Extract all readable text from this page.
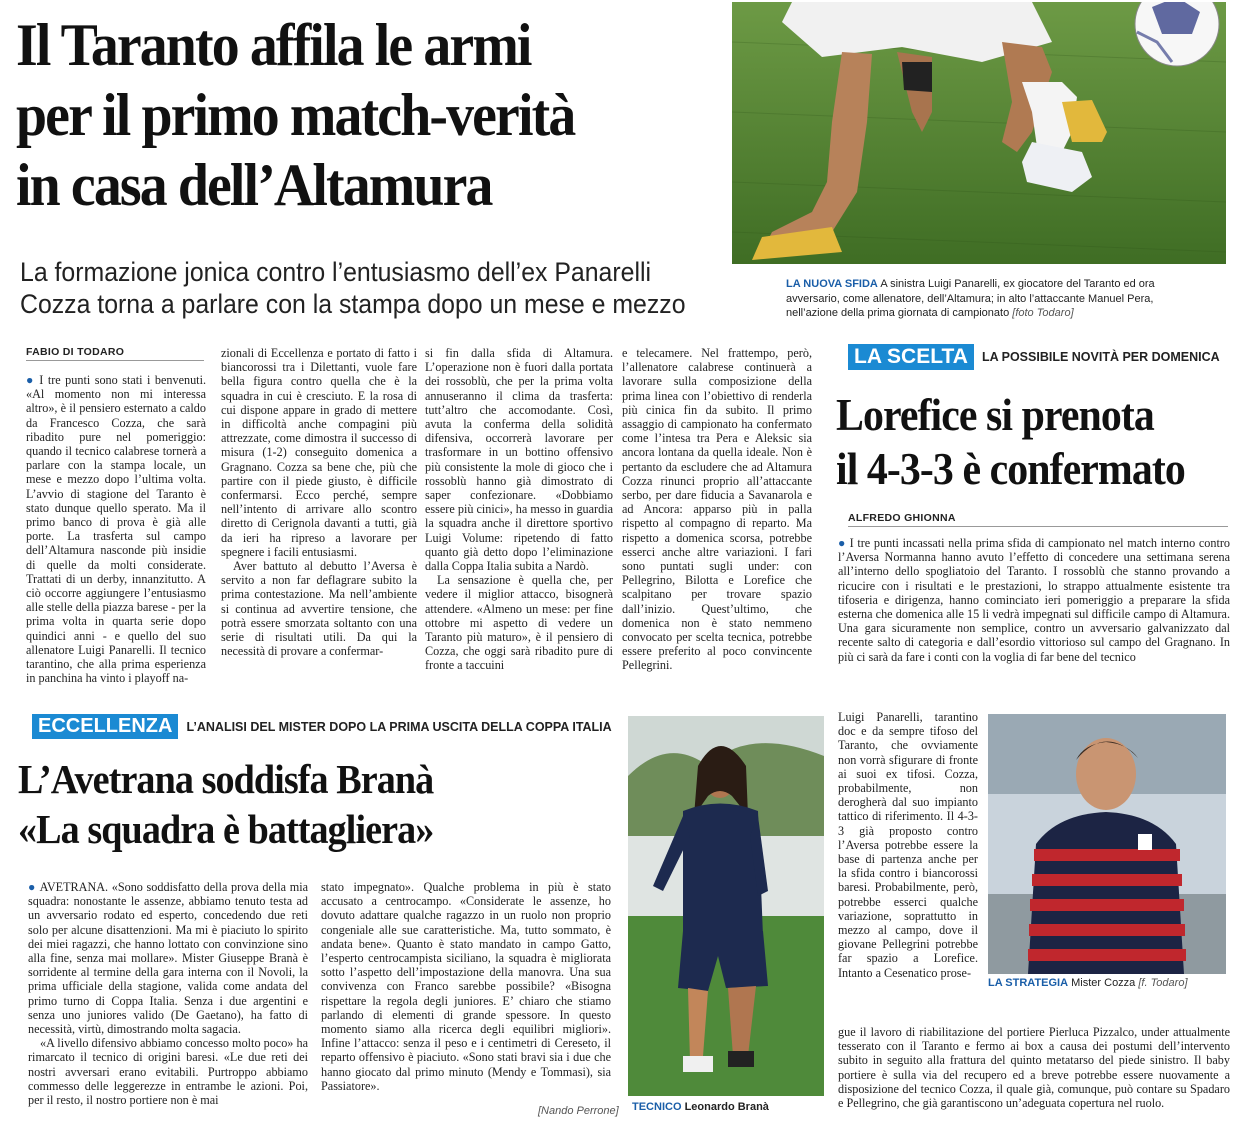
Il Taranto affila le armi
per il primo match-verità
in casa dell’Altamura
La formazione jonica contro l’entusiasmo dell’ex Panarelli
Cozza torna a parlare con la stampa dopo un mese e mezzo
LA NUOVA SFIDA A sinistra Luigi Panarelli, ex giocatore del Taranto ed ora avversario, come allenatore, dell’Altamura; in alto l’attaccante Manuel Pera, nell’azione della prima giornata di campionato [foto Todaro]
FABIO DI TODARO

● I tre punti sono stati i benvenuti. «Al momento non mi interessa altro», è il pensiero esternato a caldo da Francesco Cozza, che sarà ribadito pure nel pomeriggio: quando il tecnico calabrese tornerà a parlare con la stampa locale, un mese e mezzo dopo l’ultima volta. L’avvio di stagione del Taranto è stato dunque quello sperato. Ma il primo banco di prova è già alle porte. La trasferta sul campo dell’Altamura nasconde più insidie di quelle da molti considerate. Trattati di un derby, innanzitutto. A ciò occorre aggiungere l’entusiasmo alle stelle della piazza barese - per la prima volta in quarta serie dopo quindici anni - e quello del suo allenatore Luigi Panarelli. Il tecnico tarantino, che alla prima esperienza in panchina ha vinto i playoff na-

zionali di Eccellenza e portato di fatto i biancorossi tra i Dilettanti, vuole fare bella figura contro quella che è la squadra in cui è cresciuto. E la rosa di cui dispone appare in grado di mettere in difficoltà anche compagini più attrezzate, come dimostra il successo di misura (1-2) conseguito domenica a Gragnano. Cozza sa bene che, più che partire con il piede giusto, è difficile confermarsi. Ecco perché, sempre nell’intento di arrivare allo scontro diretto di Cerignola davanti a tutti, già da ieri ha ripreso a lavorare per spegnere i facili entusiasmi.

Aver battuto al debutto l’Aversa è servito a non far deflagrare subito la prima contestazione. Ma nell’ambiente si continua ad avvertire tensione, che potrà essere smorzata soltanto con una serie di risultati utili. Da qui la necessità di provare a confermar-

si fin dalla sfida di Altamura. L’operazione non è fuori dalla portata dei rossoblù, che per la prima volta annuseranno il clima da trasferta: tutt’altro che accomodante. Così, avuta la conferma della solidità difensiva, occorrerà lavorare per trasformare in un bottino offensivo più consistente la mole di gioco che i rossoblù hanno già dimostrato di saper confezionare. «Dobbiamo essere più cinici», ha messo in guardia la squadra anche il direttore sportivo Luigi Volume: ripetendo di fatto quanto già detto dopo l’eliminazione dalla Coppa Italia subita a Nardò.

La sensazione è quella che, per vedere il miglior attacco, bisognerà attendere. «Almeno un mese: per fine ottobre mi aspetto di vedere un Taranto più maturo», è il pensiero di Cozza, che oggi sarà ribadito pure di fronte a taccuini

e telecamere. Nel frattempo, però, l’allenatore calabrese continuerà a lavorare sulla composizione della prima linea con l’obiettivo di renderla più cinica fin da subito. Il primo assaggio di campionato ha confermato come l’intesa tra Pera e Aleksic sia ancora lontana da quella ideale. Non è pertanto da escludere che ad Altamura Cozza rinunci proprio all’attaccante serbo, per dare fiducia a Savanarola e ad Ancora: apparso più in palla rispetto al compagno di reparto. Ma rispetto a domenica scorsa, potrebbe esserci anche altre variazioni. I fari sono puntati sugli under: con Pellegrino, Bilotta e Lorefice che scalpitano per trovare spazio dall’inizio. Quest’ultimo, che domenica non è stato nemmeno convocato per scelta tecnica, potrebbe essere preferito al poco convincente Pellegrini.

LA SCELTA	LA POSSIBILE NOVITÀ PER DOMENICA
Lorefice si prenota
il 4-3-3 è confermato
ALFREDO GHIONNA

● I tre punti incassati nella prima sfida di campionato nel match interno contro l’Aversa Normanna hanno avuto l’effetto di concedere una settimana serena all’interno dello spogliatoio del Taranto. I rossoblù che stanno provando a ricucire con i risultati e le prestazioni, lo strappo attualmente esistente tra tifoseria e dirigenza, hanno cominciato ieri pomeriggio a preparare la sfida esterna che domenica alle 15 li vedrà impegnati sul difficile campo di Altamura. Una gara sicuramente non semplice, contro un avversario galvanizzato dal recente salto di categoria e dall’esordio vittorioso sul campo del Gragnano. In più ci sarà da fare i conti con la voglia di far bene del tecnico

Luigi Panarelli, tarantino doc e da sempre tifoso del Taranto, che ovviamente non vorrà sfigurare di fronte ai suoi ex tifosi. Cozza, probabilmente, non derogherà dal suo impianto tattico di riferimento. Il 4-3-3 già proposto contro l’Aversa potrebbe essere la base di partenza anche per la sfida contro i biancorossi baresi. Probabilmente, però, potrebbe esserci qualche variazione, soprattutto in mezzo al campo, dove il giovane Pellegrini potrebbe far spazio a Lorefice. Intanto a Cesenatico prose-

LA STRATEGIA Mister Cozza [f. Todaro]

gue il lavoro di riabilitazione del portiere Pierluca Pizzalco, under attualmente tesserato con il Taranto e fermo ai box a causa dei postumi dell’intervento subito in seguito alla frattura del quinto metatarso del piede sinistro. Il baby portiere è sulla via del recupero ed a breve potrebbe essere nuovamente a disposizione del tecnico Cozza, il quale già, comunque, può contare su Spadaro e Pellegrino, che già garantiscono un’adeguata copertura nel ruolo.

ECCELLENZA	L’ANALISI DEL MISTER DOPO LA PRIMA USCITA DELLA COPPA ITALIA
L’Avetrana soddisfa Branà
«La squadra è battagliera»

● AVETRANA. «Sono soddisfatto della prova della mia squadra: nonostante le assenze, abbiamo tenuto testa ad un avversario rodato ed esperto, concedendo due reti solo per alcune disattenzioni. Ma mi è piaciuto lo spirito dei miei ragazzi, che hanno lottato con convinzione sino alla fine, senza mai mollare». Mister Giuseppe Branà è sorridente al termine della gara interna con il Novoli, la prima ufficiale della stagione, valida come andata del primo turno di Coppa Italia. Senza i due argentini e senza uno juniores valido (De Gaetano), ha fatto di necessità, virtù, dimostrando molta sagacia.

«A livello difensivo abbiamo concesso molto poco» ha rimarcato il tecnico di origini baresi. «Le due reti dei nostri avversari erano evitabili. Purtroppo abbiamo commesso delle leggerezze in entrambe le azioni. Poi, per il resto, il nostro portiere non è mai

stato impegnato». Qualche problema in più è stato accusato a centrocampo. «Considerate le assenze, ho dovuto adattare qualche ragazzo in un ruolo non proprio congeniale alle sue caratteristiche. Ma, tutto sommato, è andata bene». Quanto è stato mandato in campo Gatto, l’esperto centrocampista siciliano, la squadra è migliorata sotto l’aspetto dell’impostazione della manovra. Una sua convivenza con Franco sarebbe possibile? «Bisogna rispettare la regola degli juniores. E’ chiaro che stiamo parlando di elementi di grande spessore. In questo momento siamo alla ricerca degli equilibri migliori». Infine l’attacco: senza il peso e i centimetri di Cereseto, il reparto offensivo è piaciuto. «Sono stati bravi sia i due che hanno giocato dal primo minuto (Mendy e Tommasi), sia Passiatore».

[Nando Perrone] TECNICO Leonardo Branà
